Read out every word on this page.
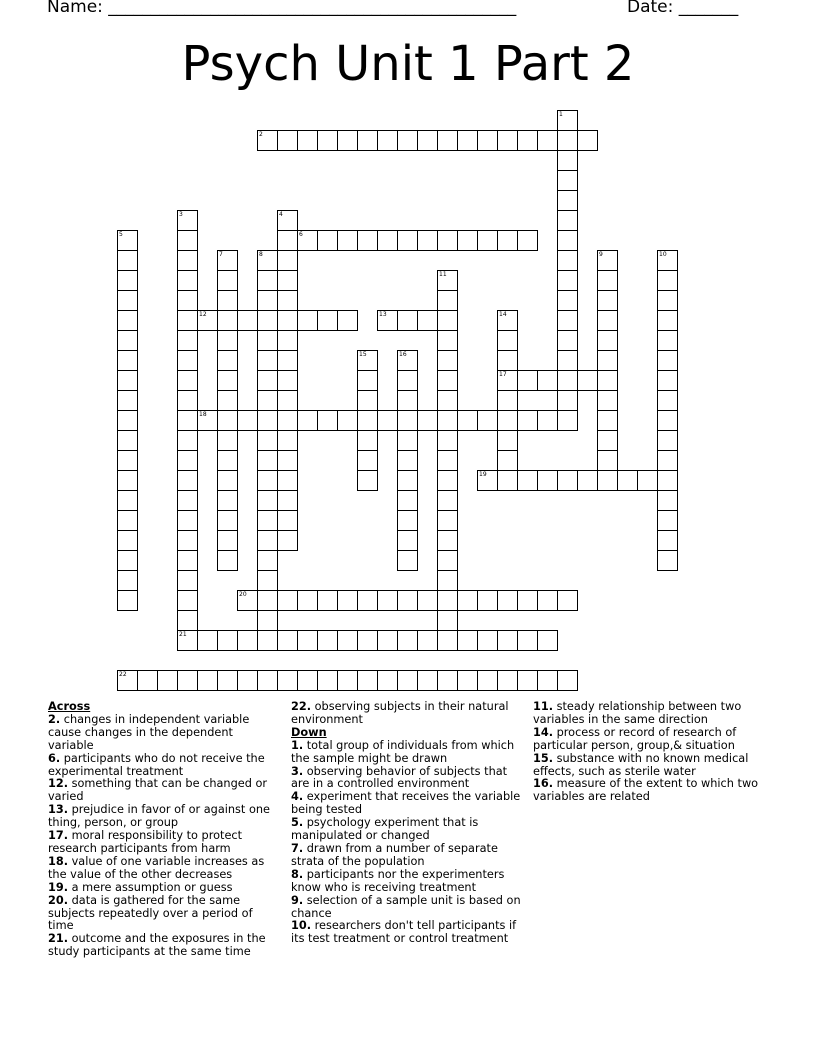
Name: ________________________________________________	Date: _______
Psych Unit 1 Part 2
1
2
3	4
5	6
7	8	9	10
11
12	13	14
17
15	16
18
19
20
21
22
Across
2. changes in independent variable cause changes in the dependent variable
6. participants who do not receive the experimental treatment
12. something that can be changed or varied
13. prejudice in favor of or against one thing, person, or group
17. moral responsibility to protect research participants from harm
18. value of one variable increases as the value of the other decreases
19. a mere assumption or guess
20. data is gathered for the same subjects repeatedly over a period of time
21. outcome and the exposures in the study participants at the same time
22. observing subjects in their natural environment
Down
1. total group of individuals from which the sample might be drawn
3. observing behavior of subjects that are in a controlled environment
4. experiment that receives the variable being tested
5. psychology experiment that is manipulated or changed
7. drawn from a number of separate strata of the population
8. participants nor the experimenters know who is receiving treatment
9. selection of a sample unit is based on chance
10. researchers don't tell participants if its test treatment or control treatment
11. steady relationship between two variables in the same direction
14. process or record of research of particular person, group,& situation
15. substance with no known medical effects, such as sterile water
16. measure of the extent to which two variables are related
